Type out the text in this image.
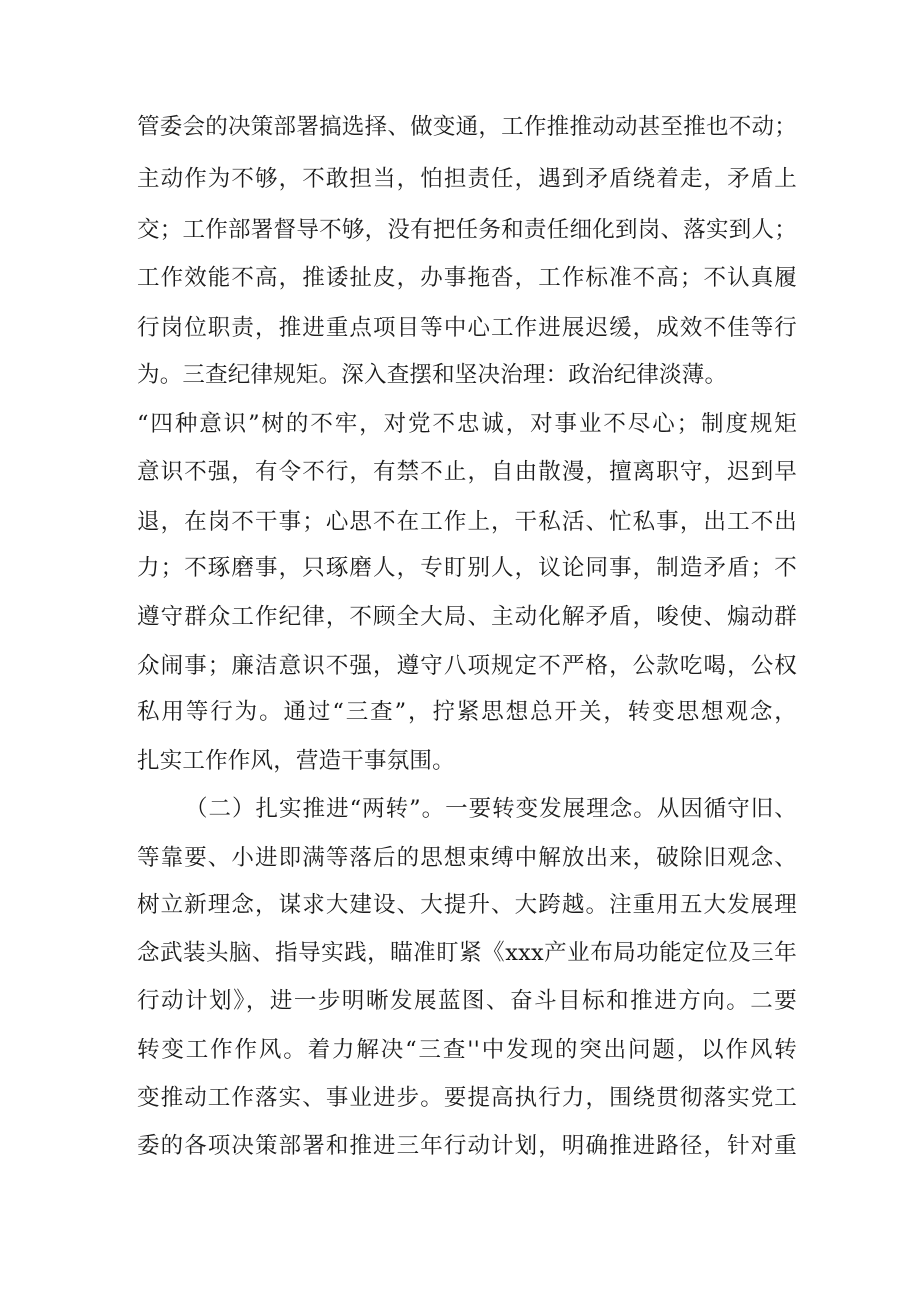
管委会的决策部署搞选择、做变通，工作推推动动甚至推也不动；
主动作为不够，不敢担当，怕担责任，遇到矛盾绕着走，矛盾上
交；工作部署督导不够，没有把任务和责任细化到岗、落实到人；
工作效能不高，推诿扯皮，办事拖沓，工作标准不高；不认真履
行岗位职责，推进重点项目等中心工作进展迟缓，成效不佳等行
为。三查纪律规矩。深入查摆和坚决治理：政治纪律淡薄。
“四种意识”树的不牢，对党不忠诚，对事业不尽心；制度规矩
意识不强，有令不行，有禁不止，自由散漫，擅离职守，迟到早
退，在岗不干事；心思不在工作上，干私活、忙私事，出工不出
力；不琢磨事，只琢磨人，专盯别人，议论同事，制造矛盾；不
遵守群众工作纪律，不顾全大局、主动化解矛盾，唆使、煽动群
众闹事；廉洁意识不强，遵守八项规定不严格，公款吃喝，公权
私用等行为。通过“三查”，拧紧思想总开关，转变思想观念，
扎实工作作风，营造干事氛围。
（二）扎实推进“两转”。一要转变发展理念。从因循守旧、
等靠要、小进即满等落后的思想束缚中解放出来，破除旧观念、
树立新理念，谋求大建设、大提升、大跨越。注重用五大发展理
念武装头脑、指导实践，瞄准盯紧《xxx产业布局功能定位及三年
行动计划》，进一步明晰发展蓝图、奋斗目标和推进方向。二要
转变工作作风。着力解决“三查''中发现的突出问题，以作风转
变推动工作落实、事业进步。要提高执行力，围绕贯彻落实党工
委的各项决策部署和推进三年行动计划，明确推进路径，针对重
